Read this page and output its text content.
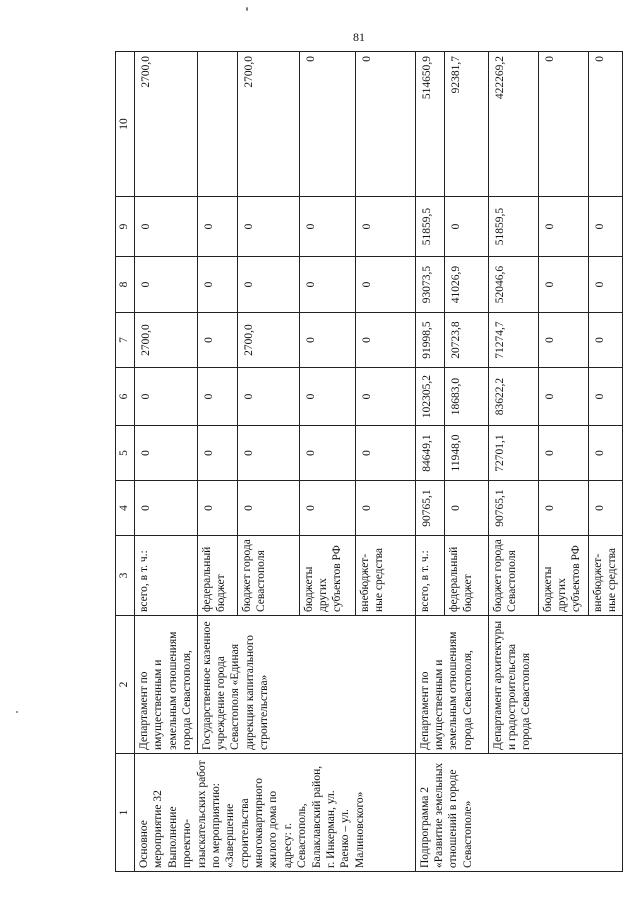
81
1	2	3	4	5	6	7	8	9	10
Основное мероприятие 32 Выполнение проектно-изыскательских работ по мероприятию: «Завершение строительства многоквартирного жилого дома по адресу: г. Севастополь, Балаклавский район, г. Инкерман, ул. Раенко – ул. Малиновского»	Департамент по имущественным и земельным отношениям города Севастополя,	всего, в т. ч.:	0	0	0	2700,0	0	0	2700,0
	Государственное казенное учреждение города Севастополя «Единая дирекция капитального строительства»	федеральный бюджет	0	0	0	0	0	0	
		бюджет города Севастополя	0	0	0	2700,0	0	0	2700,0
		бюджеты других субъектов РФ	0	0	0	0	0	0	0
		внебюджет-ные средства	0	0	0	0	0	0	0
Подпрограмма 2 «Развитие земельных отношений в городе Севастополе»	Департамент по имущественным и земельным отношениям города Севастополя,	всего, в т. ч.:	90765,1	84649,1	102305,2	91998,5	93073,5	51859,5	514650,9
		федеральный бюджет	0	11948,0	18683,0	20723,8	41026,9	0	92381,7
	Департамент архитектуры и градостроительства города Севастополя	бюджет города Севастополя	90765,1	72701,1	83622,2	71274,7	52046,6	51859,5	422269,2
		бюджеты других субъектов РФ	0	0	0	0	0	0	0
		внебюджет-ные средства	0	0	0	0	0	0	0
